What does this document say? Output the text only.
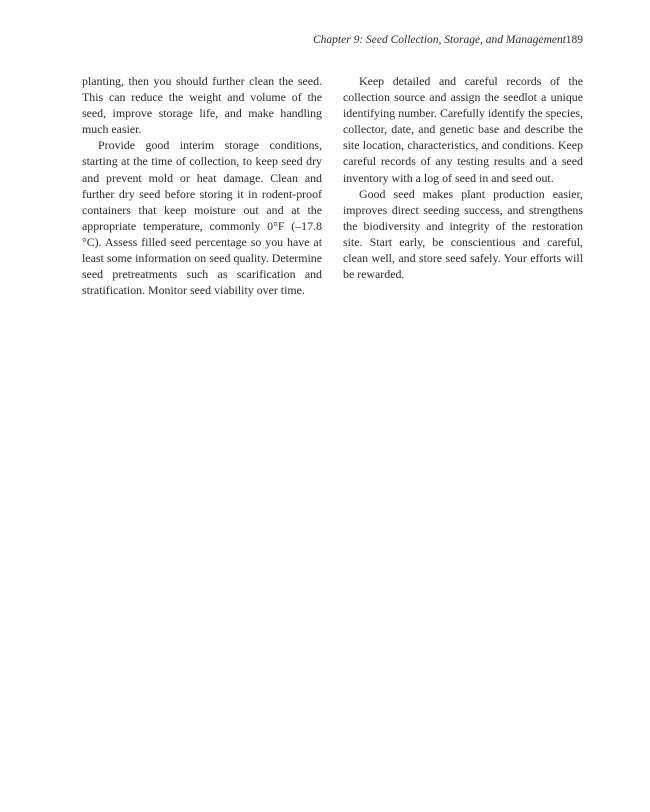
Chapter 9: Seed Collection, Storage, and Management 189

planting, then you should further clean the seed. This can reduce the weight and volume of the seed, improve storage life, and make handling much easier.

Provide good interim storage conditions, starting at the time of collection, to keep seed dry and prevent mold or heat damage. Clean and further dry seed before storing it in rodent-proof containers that keep moisture out and at the appropriate temperature, commonly 0°F (–17.8 °C). Assess filled seed percentage so you have at least some information on seed quality. Determine seed pretreatments such as scarification and stratification. Monitor seed viability over time.

Keep detailed and careful records of the collection source and assign the seedlot a unique identifying number. Carefully identify the species, collector, date, and genetic base and describe the site location, characteristics, and conditions. Keep careful records of any testing results and a seed inventory with a log of seed in and seed out.

Good seed makes plant production easier, improves direct seeding success, and strengthens the biodiversity and integrity of the restoration site. Start early, be conscientious and careful, clean well, and store seed safely. Your efforts will be rewarded.
